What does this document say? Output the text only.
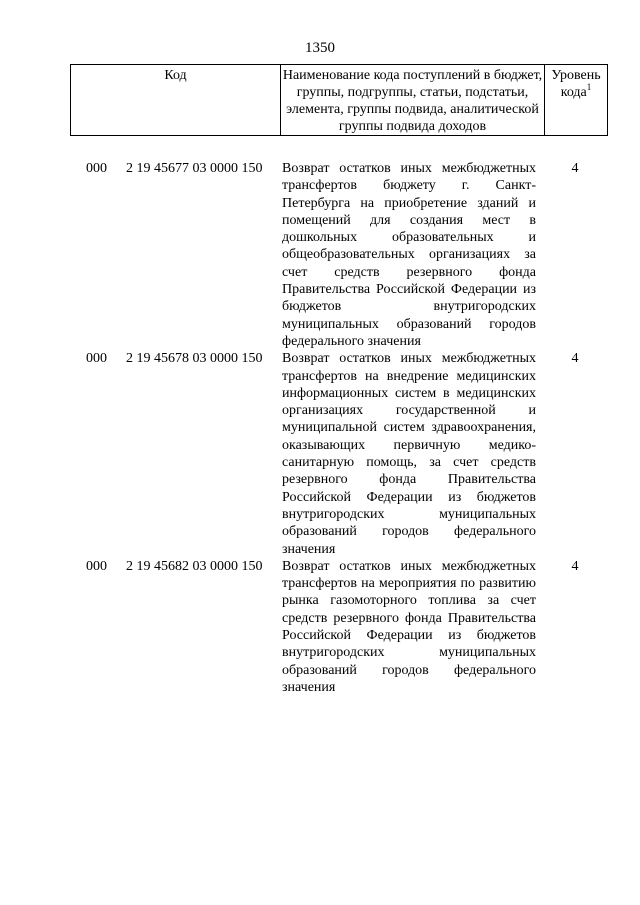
1350
Код	Наименование кода поступлений в бюджет, группы, подгруппы, статьи, подстатьи, элемента, группы подвида, аналитической группы подвида доходов
Уровень кода$^1$
000 2 19 45677 03 0000 150 Возврат остатков иных межбюджетных трансфертов бюджету г. Санкт-Петербурга на приобретение зданий и помещений для создания мест в дошкольных образовательных и общеобразовательных организациях за счет средств резервного фонда Правительства Российской Федерации из бюджетов внутригородских муниципальных образований городов федерального значения
4
000 2 19 45678 03 0000 150 Возврат остатков иных межбюджетных трансфертов на внедрение медицинских информационных систем в медицинских организациях государственной и муниципальной систем здравоохранения, оказывающих первичную медико-санитарную помощь, за счет средств резервного фонда Правительства Российской Федерации из бюджетов внутригородских муниципальных образований городов федерального значения
4
000 2 19 45682 03 0000 150 Возврат остатков иных межбюджетных трансфертов на мероприятия по развитию рынка газомоторного топлива за счет средств резервного фонда Правительства Российской Федерации из бюджетов внутригородских муниципальных образований городов федерального значения
4
